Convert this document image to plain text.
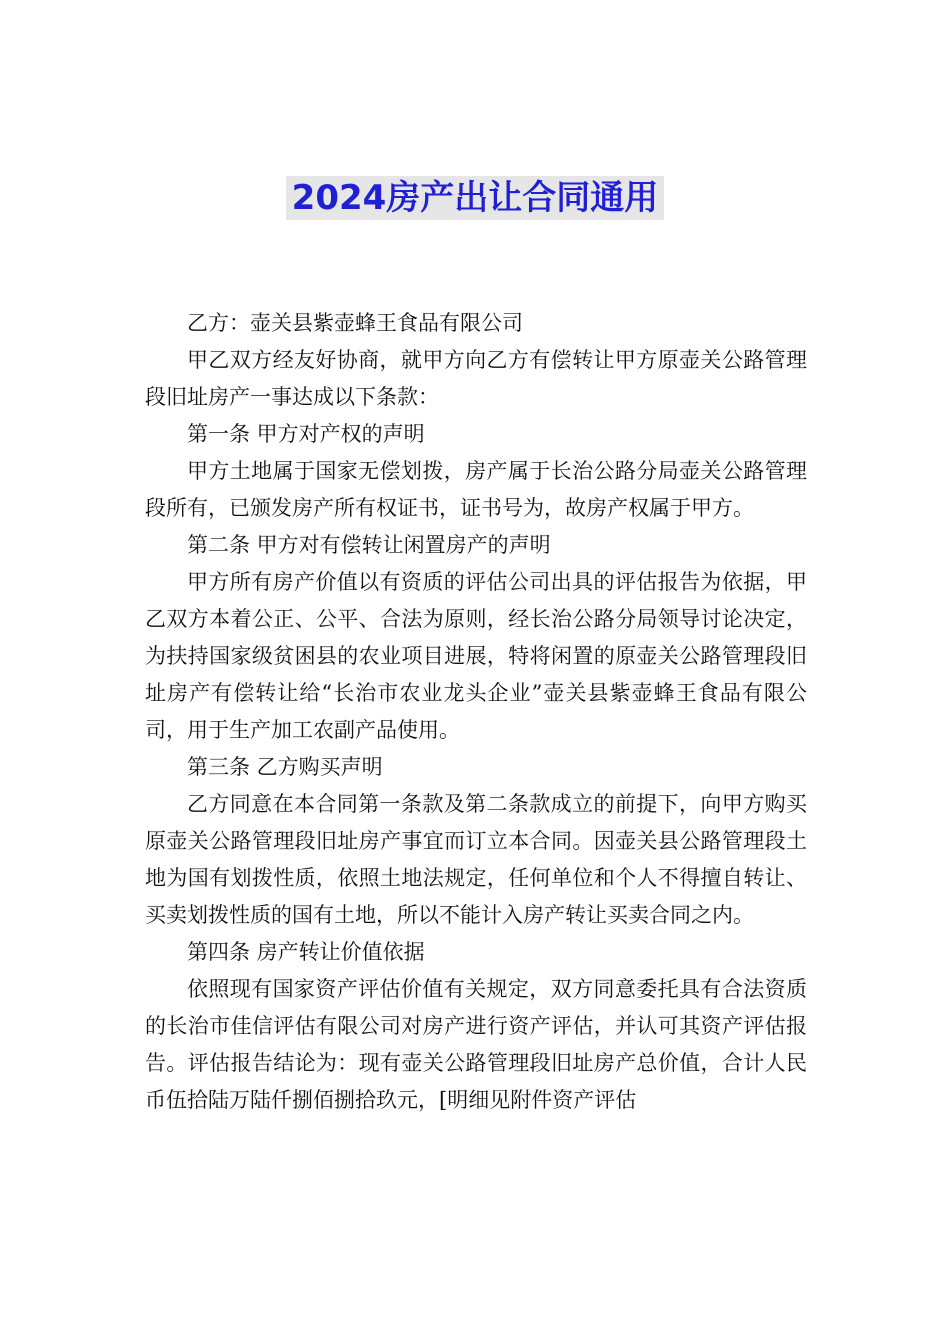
2024房产出让合同通用

乙方：壶关县紫壶蜂王食品有限公司

甲乙双方经友好协商，就甲方向乙方有偿转让甲方原壶关公路管理段旧址房产一事达成以下条款：

第一条 甲方对产权的声明

甲方土地属于国家无偿划拨，房产属于长治公路分局壶关公路管理段所有，已颁发房产所有权证书，证书号为，故房产权属于甲方。

第二条 甲方对有偿转让闲置房产的声明

甲方所有房产价值以有资质的评估公司出具的评估报告为依据，甲乙双方本着公正、公平、合法为原则，经长治公路分局领导讨论决定，为扶持国家级贫困县的农业项目进展，特将闲置的原壶关公路管理段旧址房产有偿转让给“长治市农业龙头企业”壶关县紫壶蜂王食品有限公司，用于生产加工农副产品使用。

第三条 乙方购买声明

乙方同意在本合同第一条款及第二条款成立的前提下，向甲方购买原壶关公路管理段旧址房产事宜而订立本合同。因壶关县公路管理段土地为国有划拨性质，依照土地法规定，任何单位和个人不得擅自转让、买卖划拨性质的国有土地，所以不能计入房产转让买卖合同之内。

第四条 房产转让价值依据

依照现有国家资产评估价值有关规定，双方同意委托具有合法资质的长治市佳信评估有限公司对房产进行资产评估，并认可其资产评估报告。评估报告结论为：现有壶关公路管理段旧址房产总价值，合计人民币伍拾陆万陆仟捌佰捌拾玖元，[明细见附件资产评估
